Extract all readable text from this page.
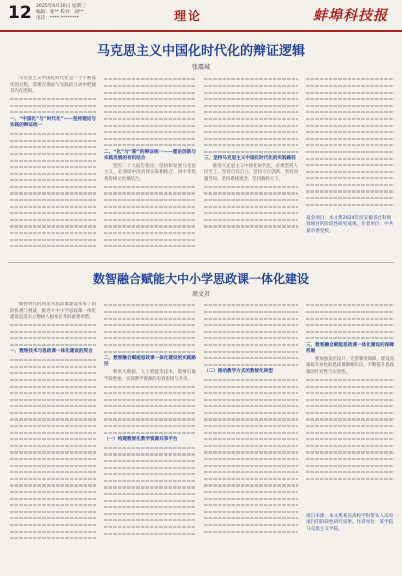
12 2025年4月30日 星期三
编辑：张** 校对：刘**
电话：****-********	理论	蚌埠科技报
马克思主义中国化时代化的辩证逻辑
张震城

马克思主义中国化时代化是一个不断深化的过程，需要在理论与实践的互动中把握其内在逻辑。

一、“中国化”与“时代化”——坚持理论与实践的辩证统一

二、“化”与“新”的辩证统一——理论创新与实践发展的有机结合

党的二十大报告指出，坚持和发展马克思主义，必须同中国具体实际相结合，同中华优秀传统文化相结合。

三、坚持马克思主义中国化时代化的实践路径

推进马克思主义中国化时代化，必须坚持人民至上、坚持自信自立、坚持守正创新、坚持问题导向、坚持系统观念、坚持胸怀天下。

基金项目：本文系2024年度安徽省社科规划项目的阶段性研究成果。作者单位：中共某市委党校。
数智融合赋能大中小学思政课一体化建设
周文君

数智时代的到来为思政课建设带来了新的机遇与挑战，推进大中小学思政课一体化建设是落实立德树人根本任务的重要举措。

一、数智技术与思政课一体化建设的契合

二、数智融合赋能思政课一体化建设的实践路径

利用大数据、人工智能等技术，能够打破学段壁垒，实现教学资源的有效衔接与共享。

（一）构建数智化教学资源共享平台

（二）推动教学方式的数智化转型

三、数智融合赋能思政课一体化建设的保障机制

要加强顶层设计，完善制度保障，建设高素质专业化的思政课教师队伍，不断提升思政课的针对性与实效性。

项目来源：本文系某省高校学科带头人培育项目的阶段性研究成果。作者单位：某学院马克思主义学院。
